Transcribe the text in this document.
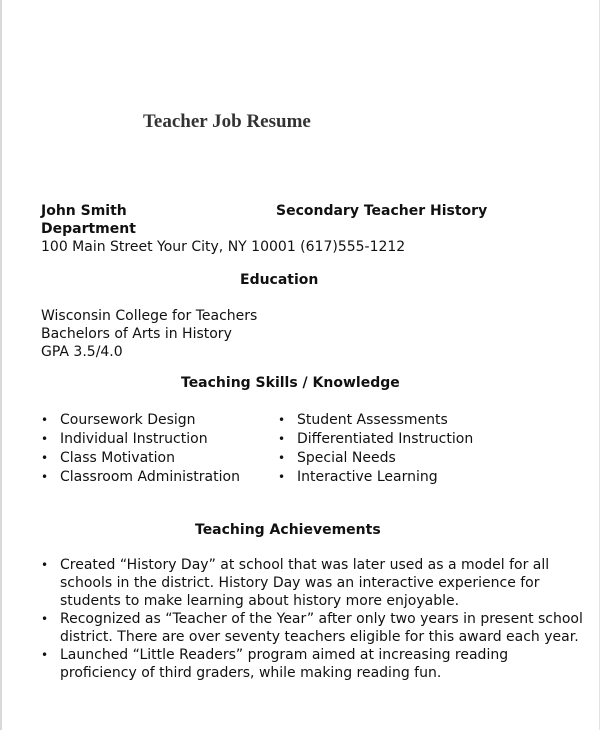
Teacher Job Resume
John Smith	Secondary Teacher History
Department
100 Main Street Your City, NY 10001 (617)555-1212
Education
Wisconsin College for Teachers
Bachelors of Arts in History
GPA 3.5/4.0
Teaching Skills / Knowledge
• Coursework Design
• Individual Instruction
• Class Motivation
• Classroom Administration
• Student Assessments
• Differentiated Instruction
• Special Needs
• Interactive Learning
Teaching Achievements
• Created “History Day” at school that was later used as a model for all
schools in the district. History Day was an interactive experience for
students to make learning about history more enjoyable.
• Recognized as “Teacher of the Year” after only two years in present school
district. There are over seventy teachers eligible for this award each year.
• Launched “Little Readers” program aimed at increasing reading
proficiency of third graders, while making reading fun.
